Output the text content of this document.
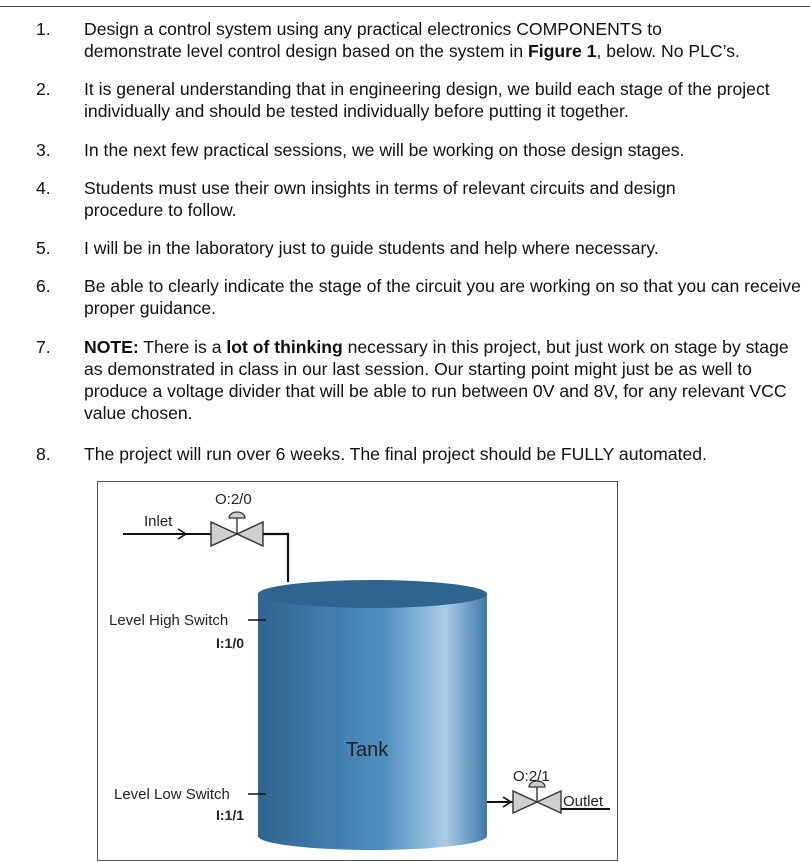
1. Design a control system using any practical electronics COMPONENTS to
demonstrate level control design based on the system in Figure 1, below. No PLC’s.
2. It is general understanding that in engineering design, we build each stage of the project individually and should be tested individually before putting it together.
3. In the next few practical sessions, we will be working on those design stages.
4. Students must use their own insights in terms of relevant circuits and design procedure to follow.
5. I will be in the laboratory just to guide students and help where necessary.
6. Be able to clearly indicate the stage of the circuit you are working on so that you can receive proper guidance.
7. NOTE: There is a lot of thinking necessary in this project, but just work on stage by stage as demonstrated in class in our last session. Our starting point might just be as well to produce a voltage divider that will be able to run between 0V and 8V, for any relevant VCC value chosen.
8. The project will run over 6 weeks. The final project should be FULLY automated.
O:2/0
Inlet
Level High Switch
I:1/0
Tank
Level Low Switch
I:1/1
O:2/1
Outlet
